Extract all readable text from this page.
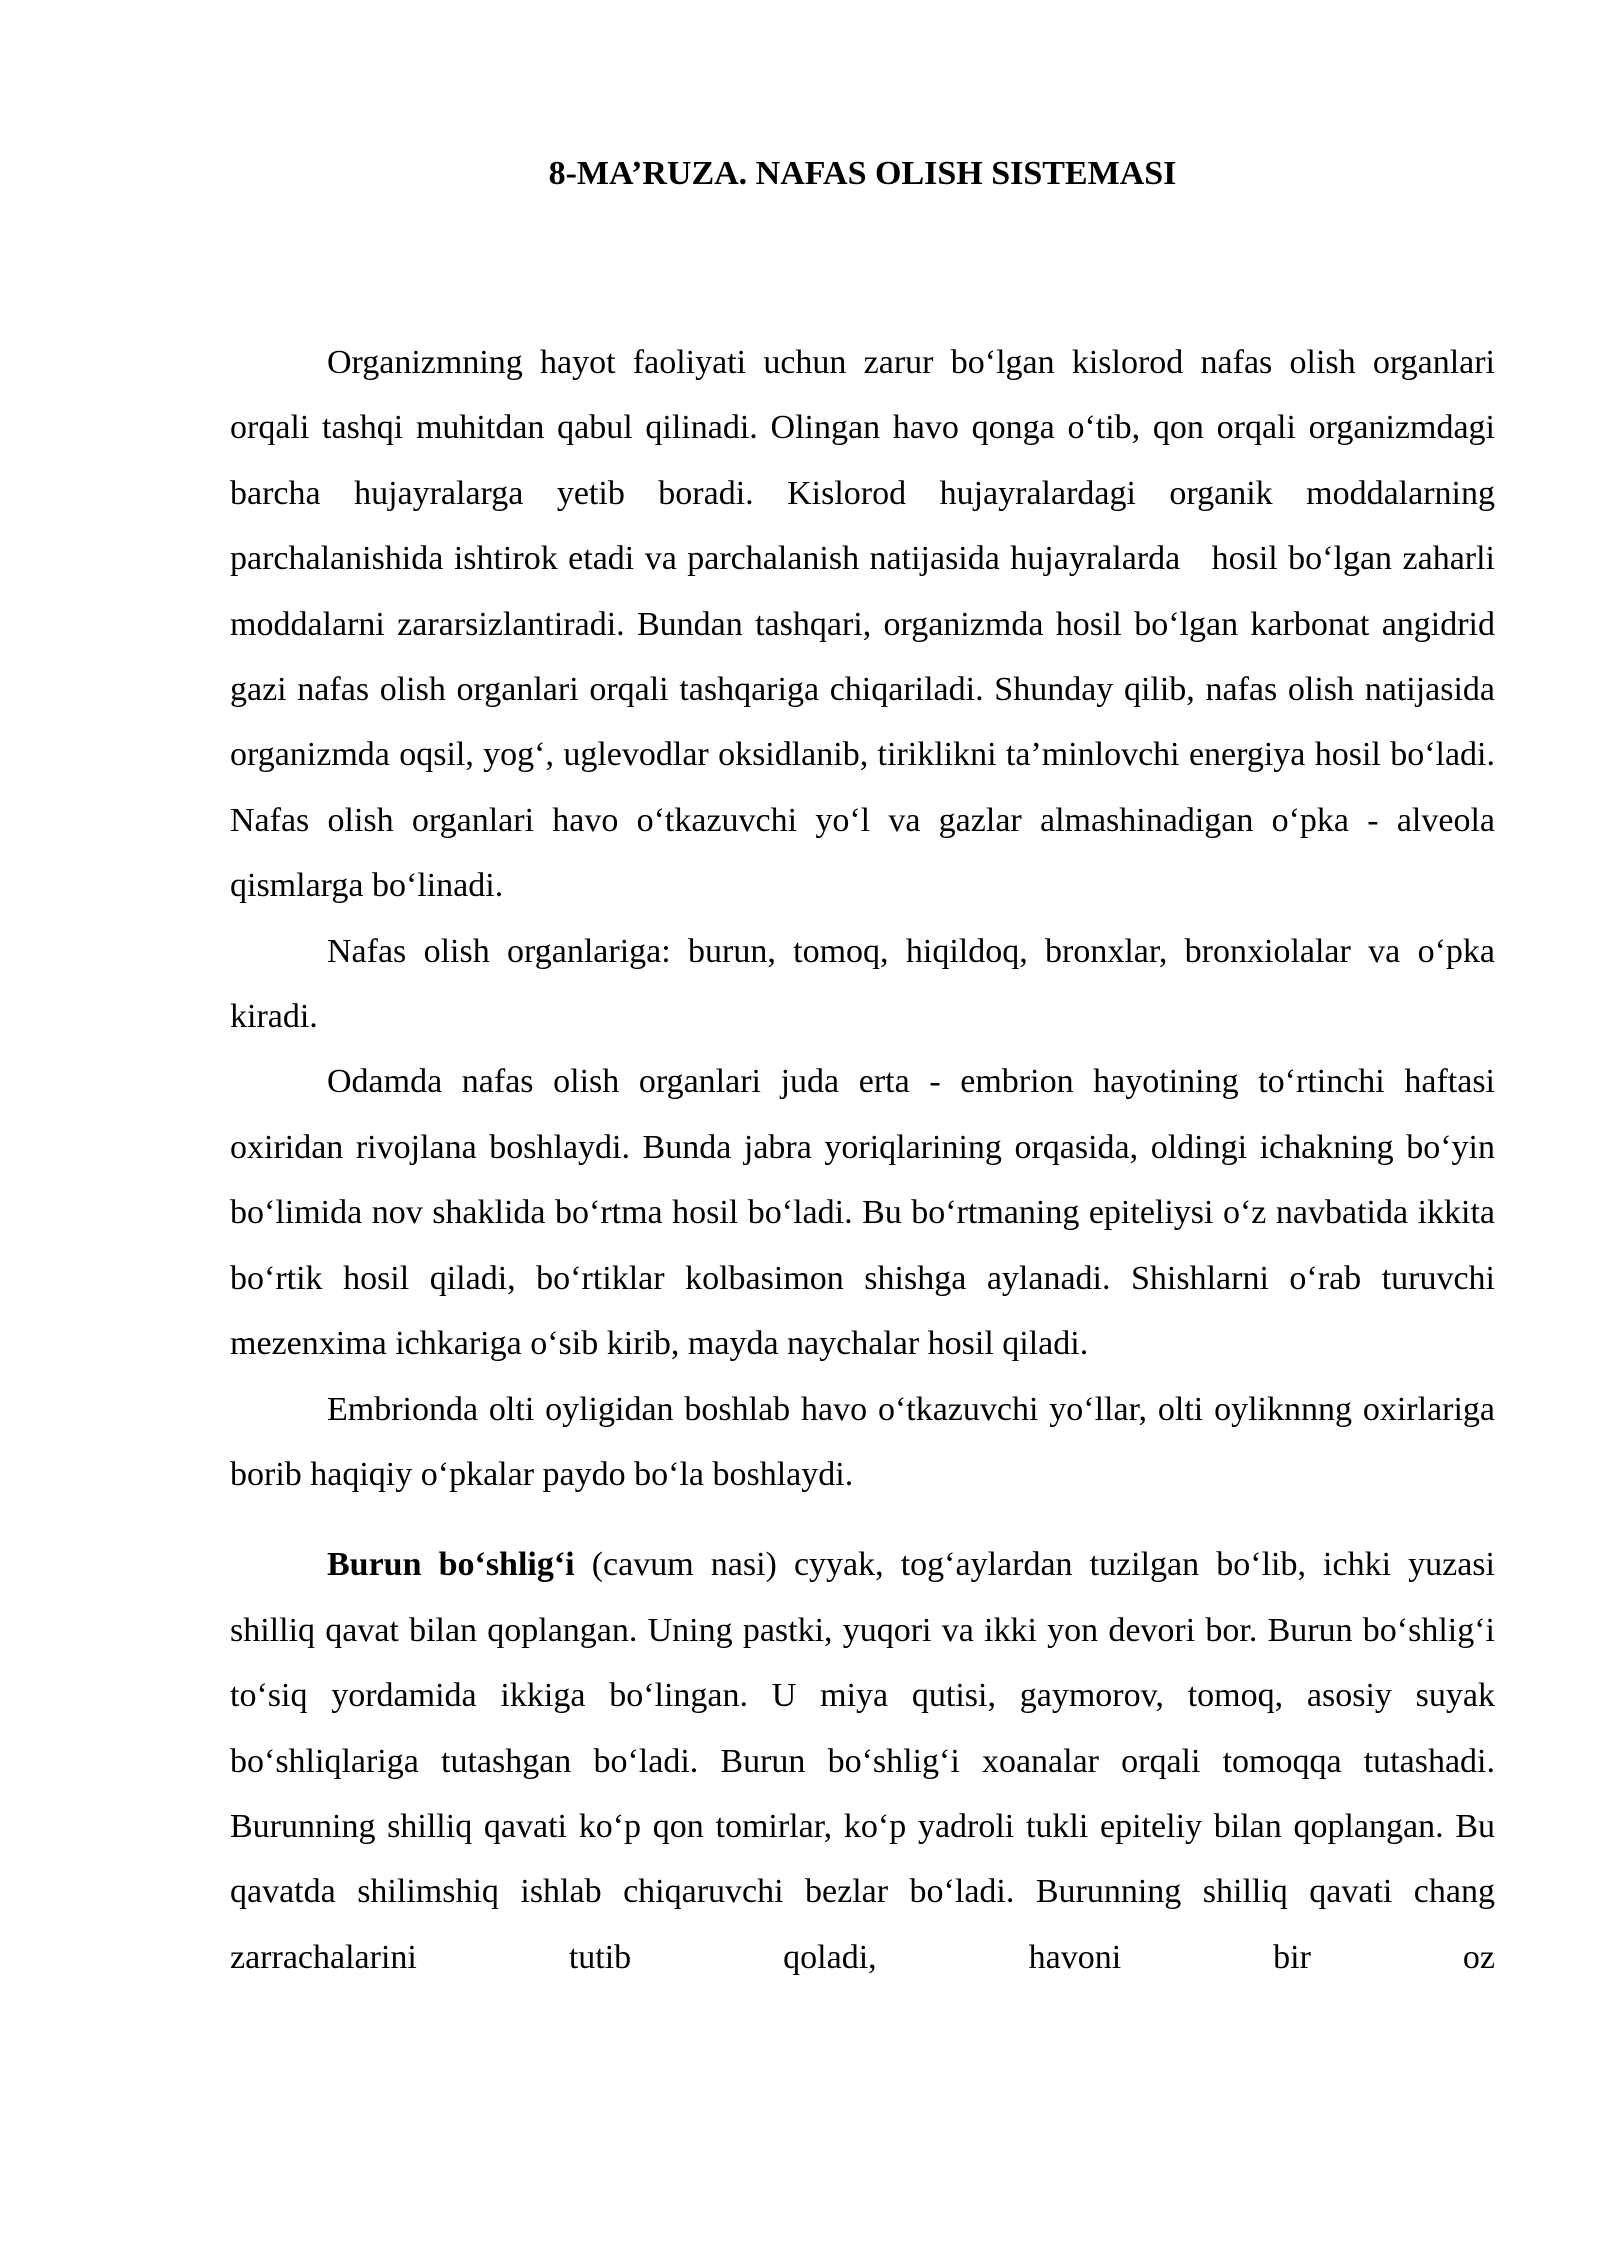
8-MA’RUZA. NAFAS OLISH SISTEMASI

Organizmning hayot faoliyati uchun zarur bo‘lgan kislorod nafas olish organlari orqali tashqi muhitdan qabul qilinadi. Olingan havo qonga o‘tib, qon orqali organizmdagi barcha hujayralarga yetib boradi. Kislorod hujayralardagi organik moddalarning parchalanishida ishtirok etadi va parchalanish natijasida hujayralarda   hosil bo‘lgan zaharli moddalarni zararsizlantiradi. Bundan tashqari, organizmda hosil bo‘lgan karbonat angidrid gazi nafas olish organlari orqali tashqariga chiqariladi. Shunday qilib, nafas olish natijasida organizmda oqsil, yog‘, uglevodlar oksidlanib, tiriklikni ta’minlovchi energiya hosil bo‘ladi. Nafas olish organlari havo o‘tkazuvchi yo‘l va gazlar almashinadigan o‘pka - alveola qismlarga bo‘linadi.

Nafas olish organlariga: burun, tomoq, hiqildoq, bronxlar, bronxiolalar va o‘pka kiradi.

Odamda nafas olish organlari juda erta - embrion hayotining to‘rtinchi haftasi oxiridan rivojlana boshlaydi. Bunda jabra yoriqlarining orqasida, oldingi ichakning bo‘yin bo‘limida nov shaklida bo‘rtma hosil bo‘ladi. Bu bo‘rtmaning epiteliysi o‘z navbatida ikkita bo‘rtik hosil qiladi, bo‘rtiklar kolbasimon shishga aylanadi. Shishlarni o‘rab turuvchi mezenxima ichkariga o‘sib kirib, mayda naychalar hosil qiladi.

Embrionda olti oyligidan boshlab havo o‘tkazuvchi yo‘llar, olti oyliknnng oxirlariga borib haqiqiy o‘pkalar paydo bo‘la boshlaydi.

Burun bo‘shlig‘i (cavum nasi) cyyak, tog‘aylardan tuzilgan bo‘lib, ichki yuzasi shilliq qavat bilan qoplangan. Uning pastki, yuqori va ikki yon devori bor. Burun bo‘shlig‘i to‘siq yordamida ikkiga bo‘lingan. U miya qutisi, gaymorov, tomoq, asosiy suyak bo‘shliqlariga tutashgan bo‘ladi. Burun bo‘shlig‘i xoanalar orqali tomoqqa tutashadi. Burunning shilliq qavati ko‘p qon tomirlar, ko‘p yadroli tukli epiteliy bilan qoplangan. Bu qavatda shilimshiq ishlab chiqaruvchi bezlar bo‘ladi. Burunning shilliq qavati chang zarrachalarini tutib qoladi, havoni bir oz
